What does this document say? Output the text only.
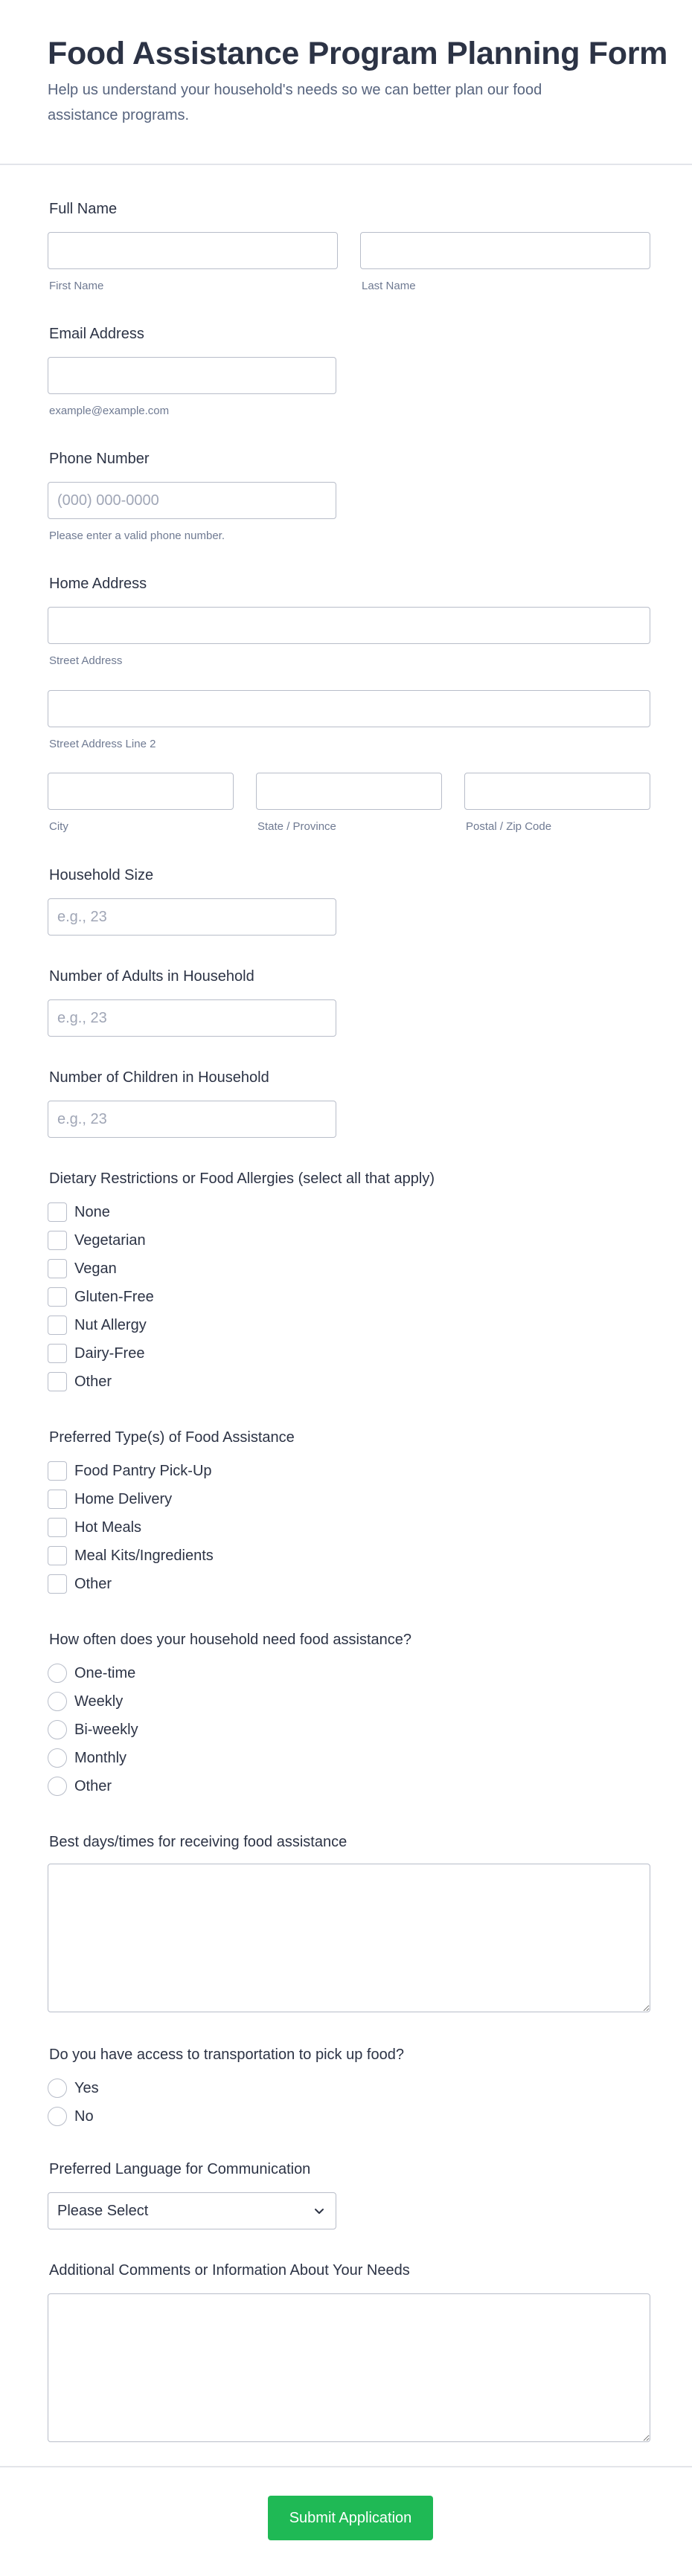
Food Assistance Program Planning Form

Help us understand your household's needs so we can better plan our food assistance programs.

Full Name
First Name	Last Name
Email Address
example@example.com
Phone Number
(000) 000-0000
Please enter a valid phone number.
Home Address
Street Address
Street Address Line 2
City	State / Province	Postal / Zip Code
Household Size
e.g., 23
Number of Adults in Household
e.g., 23
Number of Children in Household
e.g., 23
Dietary Restrictions or Food Allergies (select all that apply)
None
Vegetarian
Vegan
Gluten-Free
Nut Allergy
Dairy-Free
Other
Preferred Type(s) of Food Assistance
Food Pantry Pick-Up
Home Delivery
Hot Meals
Meal Kits/Ingredients
Other
How often does your household need food assistance?
One-time
Weekly
Bi-weekly
Monthly
Other
Best days/times for receiving food assistance
Do you have access to transportation to pick up food?
Yes
No
Preferred Language for Communication
Please Select
Additional Comments or Information About Your Needs
Submit Application
